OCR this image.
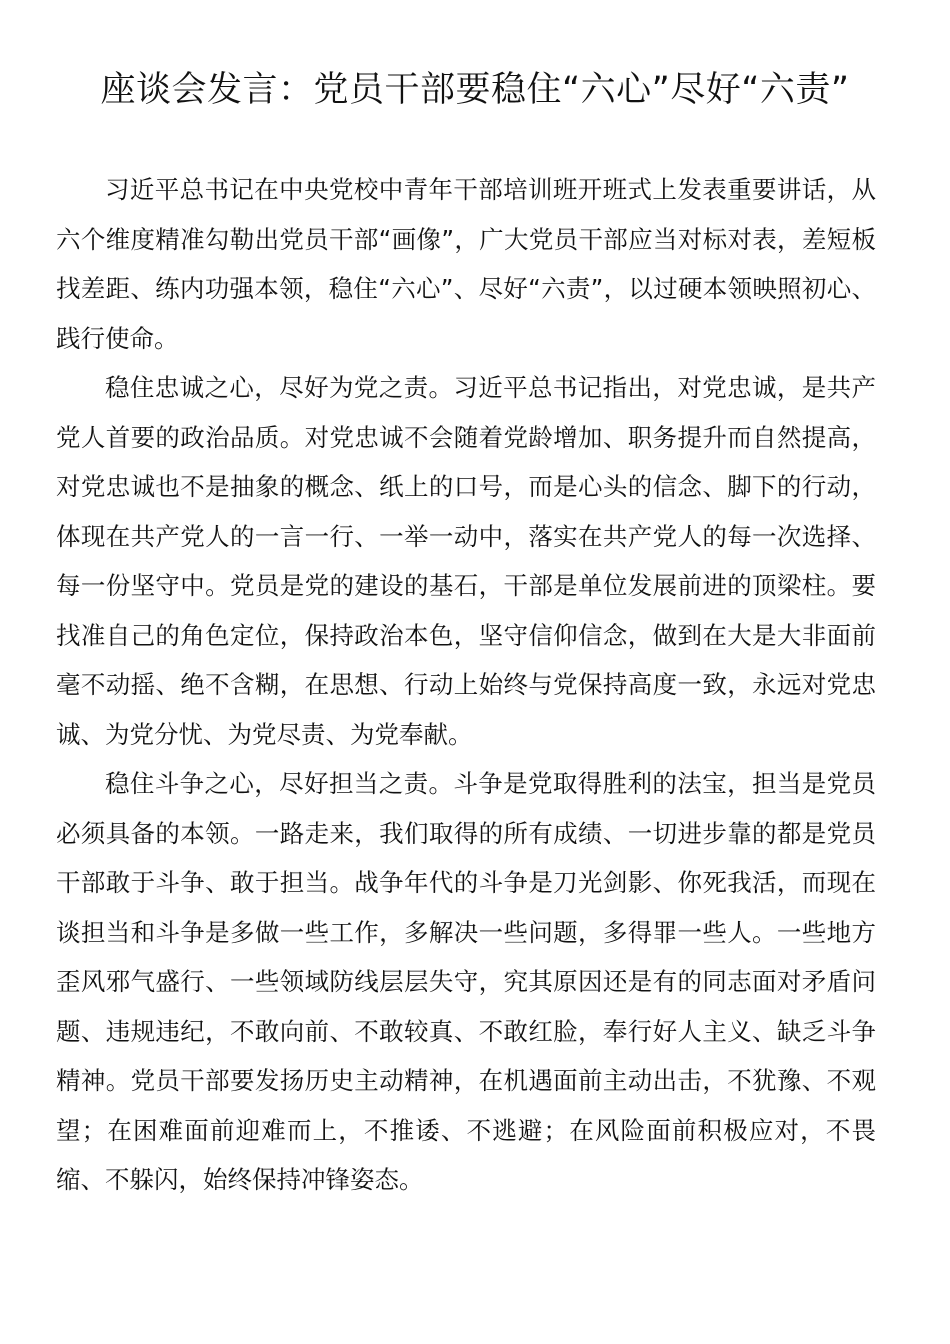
座谈会发言：党员干部要稳住“六心”尽好“六责”

习近平总书记在中央党校中青年干部培训班开班式上发表重要讲话，从六个维度精准勾勒出党员干部“画像”，广大党员干部应当对标对表，差短板找差距、练内功强本领，稳住“六心”、尽好“六责”，以过硬本领映照初心、践行使命。

稳住忠诚之心，尽好为党之责。习近平总书记指出，对党忠诚，是共产党人首要的政治品质。对党忠诚不会随着党龄增加、职务提升而自然提高，对党忠诚也不是抽象的概念、纸上的口号，而是心头的信念、脚下的行动，体现在共产党人的一言一行、一举一动中，落实在共产党人的每一次选择、每一份坚守中。党员是党的建设的基石，干部是单位发展前进的顶梁柱。要找准自己的角色定位，保持政治本色，坚守信仰信念，做到在大是大非面前毫不动摇、绝不含糊，在思想、行动上始终与党保持高度一致，永远对党忠诚、为党分忧、为党尽责、为党奉献。

稳住斗争之心，尽好担当之责。斗争是党取得胜利的法宝，担当是党员必须具备的本领。一路走来，我们取得的所有成绩、一切进步靠的都是党员干部敢于斗争、敢于担当。战争年代的斗争是刀光剑影、你死我活，而现在谈担当和斗争是多做一些工作，多解决一些问题，多得罪一些人。一些地方歪风邪气盛行、一些领域防线层层失守，究其原因还是有的同志面对矛盾问题、违规违纪，不敢向前、不敢较真、不敢红脸，奉行好人主义、缺乏斗争精神。党员干部要发扬历史主动精神，在机遇面前主动出击，不犹豫、不观望；在困难面前迎难而上，不推诿、不逃避；在风险面前积极应对，不畏缩、不躲闪，始终保持冲锋姿态。
